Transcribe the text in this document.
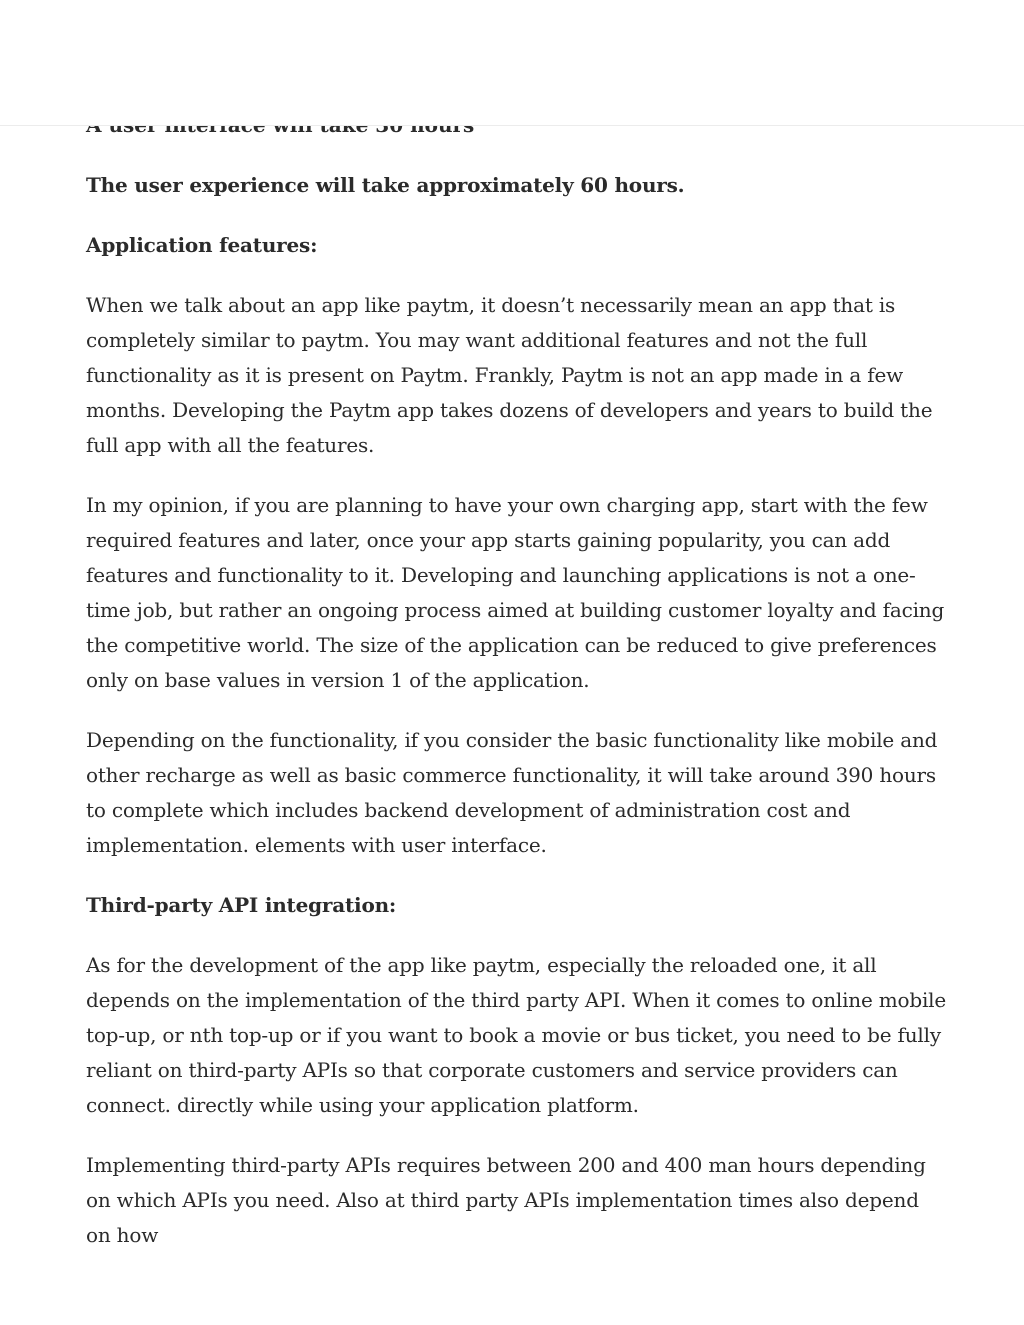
The user experience will take approximately 60 hours.

Application features:

When we talk about an app like paytm, it doesn’t necessarily mean an app that is completely similar to paytm. You may want additional features and not the full functionality as it is present on Paytm. Frankly, Paytm is not an app made in a few months. Developing the Paytm app takes dozens of developers and years to build the full app with all the features.

In my opinion, if you are planning to have your own charging app, start with the few required features and later, once your app starts gaining popularity, you can add features and functionality to it. Developing and launching applications is not a one-time job, but rather an ongoing process aimed at building customer loyalty and facing the competitive world. The size of the application can be reduced to give preferences only on base values in version 1 of the application.

Depending on the functionality, if you consider the basic functionality like mobile and other recharge as well as basic commerce functionality, it will take around 390 hours to complete which includes backend development of administration cost and implementation. elements with user interface.

Third-party API integration:

As for the development of the app like paytm, especially the reloaded one, it all depends on the implementation of the third party API. When it comes to online mobile top-up, or nth top-up or if you want to book a movie or bus ticket, you need to be fully reliant on third-party APIs so that corporate customers and service providers can connect. directly while using your application platform.

Implementing third-party APIs requires between 200 and 400 man hours depending on which APIs you need. Also at third party APIs implementation times also depend on how
